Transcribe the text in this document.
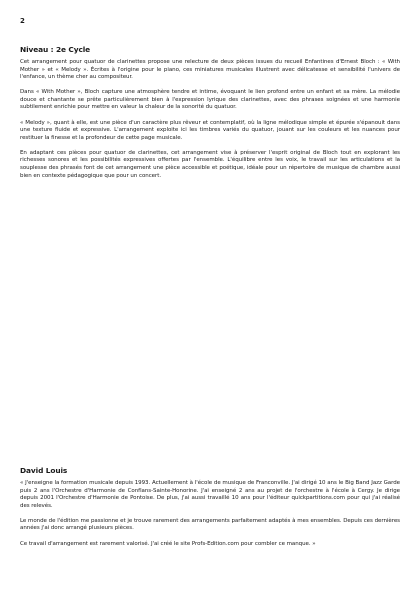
2

Niveau : 2e Cycle

Cet arrangement pour quatuor de clarinettes propose une relecture de deux pièces issues du recueil Enfantines d'Ernest Bloch : « With Mother » et « Melody ». Écrites à l'origine pour le piano, ces miniatures musicales illustrent avec délicatesse et sensibilité l'univers de l'enfance, un thème cher au compositeur.

Dans « With Mother », Bloch capture une atmosphère tendre et intime, évoquant le lien profond entre un enfant et sa mère. La mélodie douce et chantante se prête particulièrement bien à l'expression lyrique des clarinettes, avec des phrases soignées et une harmonie subtilement enrichie pour mettre en valeur la chaleur de la sonorité du quatuor.

« Melody », quant à elle, est une pièce d'un caractère plus rêveur et contemplatif, où la ligne mélodique simple et épurée s'épanouit dans une texture fluide et expressive. L'arrangement exploite ici les timbres variés du quatuor, jouant sur les couleurs et les nuances pour restituer la finesse et la profondeur de cette page musicale.

En adaptant ces pièces pour quatuor de clarinettes, cet arrangement vise à préserver l'esprit original de Bloch tout en explorant les richesses sonores et les possibilités expressives offertes par l'ensemble. L'équilibre entre les voix, le travail sur les articulations et la souplesse des phrasés font de cet arrangement une pièce accessible et poétique, idéale pour un répertoire de musique de chambre aussi bien en contexte pédagogique que pour un concert.

David Louis

« J'enseigne la formation musicale depuis 1993. Actuellement à l'école de musique de Franconville. J'ai dirigé 10 ans le Big Band Jazz Garde puis 2 ans l'Orchestre d'Harmonie de Conflans-Sainte-Honorine. J'ai enseigné 2 ans au projet de l'orchestre à l'école à Cergy. Je dirige depuis 2001 l'Orchestre d'Harmonie de Pontoise. De plus, j'ai aussi travaillé 10 ans pour l'éditeur quickpartitions.com pour qui j'ai réalisé des relevés.

Le monde de l'édition me passionne et je trouve rarement des arrangements parfaitement adaptés à mes ensembles. Depuis ces dernières années j'ai donc arrangé plusieurs pièces.

Ce travail d'arrangement est rarement valorisé. J'ai créé le site Profs-Edition.com pour combler ce manque. »
